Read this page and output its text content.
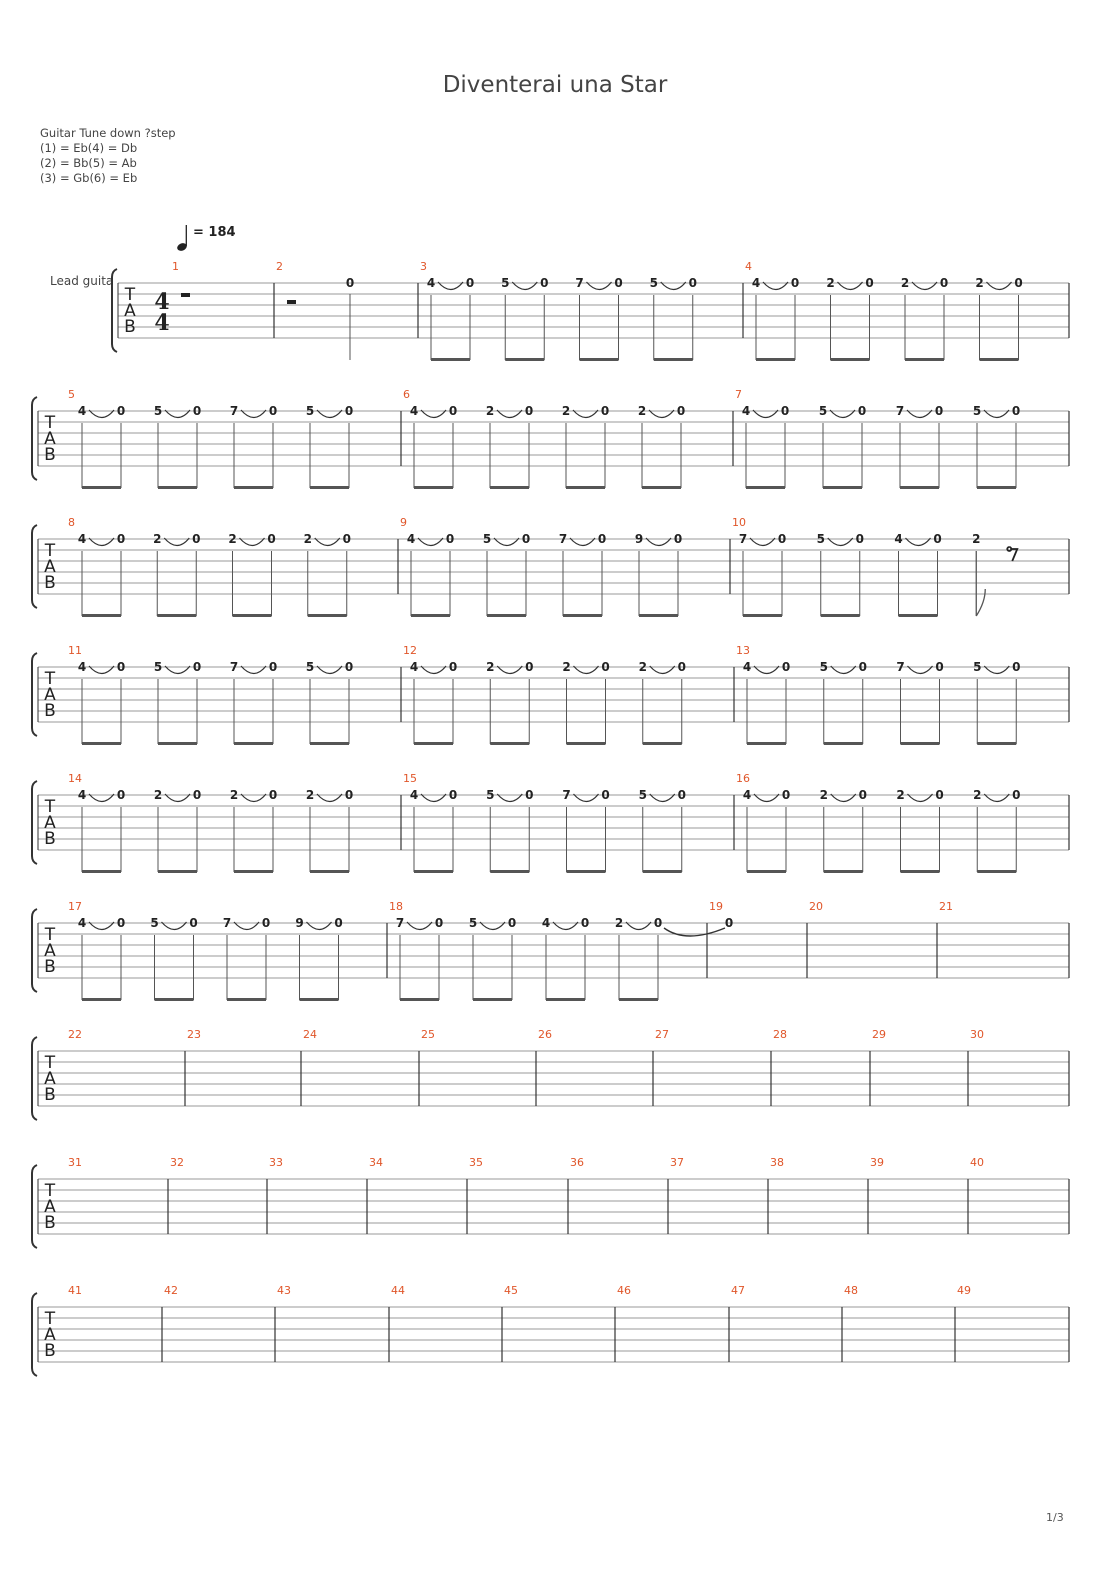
Diventerai una Star
Guitar Tune down ?step
(1) = Eb(4) = Db
(2) = Bb(5) = Ab
(3) = Gb(6) = Eb
= 184
Lead guita
T
A
B
4
4
1	2
0
3
4	0 5	0 7	0 5	0
4
4	0 2	0 2	0 2	0
T
A
B
5
4	0 5	0 7	0 5	0
6
4	0 2	0 2	0 2	0
7
4	0 5	0 7	0 5	0
T
A
B
8
4	0 2	0 2	0 2	0
9
4	0 5	0 7	0 9	0
10
7	0	5	0	4	0	2
T
A
B
11
4	0 5	0 7	0 5	0
12
4	0 2	0 2	0 2	0
13
4	0 5	0 7	0 5	0
T
A
B
14
4	0 2	0 2	0 2	0
15
4	0 5	0 7	0 5	0
16
4	0 2	0 2	0 2	0
T
A
B
17
4	0 5	0 7	0 9	0
18
7	0 5	0 4	0 2	0
19
0
20	21
T
A
B
22	23	24	25	26	27	28	29	30
T
A
B
31	32	33	34	35	36	37	38	39	40
T
A
B
41	42	43	44	45	46	47	48	49
1/3
